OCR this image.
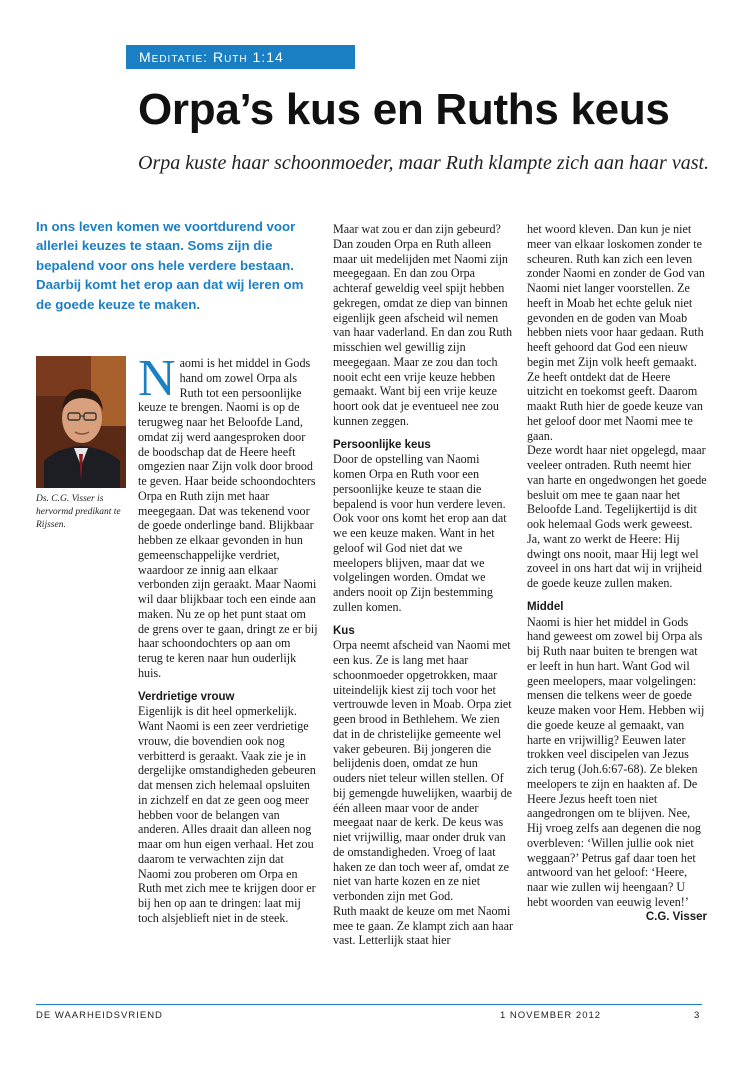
Meditatie: Ruth 1:14
Orpa’s kus en Ruths keus

Orpa kuste haar schoonmoeder, maar Ruth klampte zich aan haar vast.

In ons leven komen we voortdurend voor allerlei keuzes te staan. Soms zijn die bepalend voor ons hele verdere bestaan. Daarbij komt het erop aan dat wij leren om de goede keuze te maken.

Ds. C.G. Visser is hervormd predikant te Rijssen.

Naomi is het middel in Gods hand om zowel Orpa als Ruth tot een persoonlijke keuze te brengen. Naomi is op de terugweg naar het Beloofde Land, omdat zij werd aangesproken door de boodschap dat de Heere heeft omgezien naar Zijn volk door brood te geven. Haar beide schoondochters Orpa en Ruth zijn met haar meegegaan. Dat was tekenend voor de goede onderlinge band. Blijkbaar hebben ze elkaar gevonden in hun gemeenschappelijke verdriet, waardoor ze innig aan elkaar verbonden zijn geraakt. Maar Naomi wil daar blijkbaar toch een einde aan maken. Nu ze op het punt staat om de grens over te gaan, dringt ze er bij haar schoondochters op aan om terug te keren naar hun ouderlijk huis.

Verdrietige vrouw

Eigenlijk is dit heel opmerkelijk. Want Naomi is een zeer verdrietige vrouw, die bovendien ook nog verbitterd is geraakt. Vaak zie je in dergelijke omstandigheden gebeuren dat mensen zich helemaal opsluiten in zichzelf en dat ze geen oog meer hebben voor de belangen van anderen. Alles draait dan alleen nog maar om hun eigen verhaal. Het zou daarom te verwachten zijn dat Naomi zou proberen om Orpa en Ruth met zich mee te krijgen door er bij hen op aan te dringen: laat mij toch alsjeblieft niet in de steek.

Maar wat zou er dan zijn gebeurd? Dan zouden Orpa en Ruth alleen maar uit medelijden met Naomi zijn meegegaan. En dan zou Orpa achteraf geweldig veel spijt hebben gekregen, omdat ze diep van binnen eigenlijk geen afscheid wil nemen van haar vaderland. En dan zou Ruth misschien wel gewillig zijn meegegaan. Maar ze zou dan toch nooit echt een vrije keuze hebben gemaakt. Want bij een vrije keuze hoort ook dat je eventueel nee zou kunnen zeggen.

Persoonlijke keus

Door de opstelling van Naomi komen Orpa en Ruth voor een persoonlijke keuze te staan die bepalend is voor hun verdere leven. Ook voor ons komt het erop aan dat we een keuze maken. Want in het geloof wil God niet dat we meelopers blijven, maar dat we volgelingen worden. Omdat we anders nooit op Zijn bestemming zullen komen.

Kus

Orpa neemt afscheid van Naomi met een kus. Ze is lang met haar schoonmoeder opgetrokken, maar uiteindelijk kiest zij toch voor het vertrouwde leven in Moab. Orpa ziet geen brood in Bethlehem. We zien dat in de christelijke gemeente wel vaker gebeuren. Bij jongeren die belijdenis doen, omdat ze hun ouders niet teleur willen stellen. Of bij gemengde huwelijken, waarbij de één alleen maar voor de ander meegaat naar de kerk. De keus was niet vrijwillig, maar onder druk van de omstandigheden. Vroeg of laat haken ze dan toch weer af, omdat ze niet van harte kozen en ze niet verbonden zijn met God.

Ruth maakt de keuze om met Naomi mee te gaan. Ze klampt zich aan haar vast. Letterlijk staat hier

het woord kleven. Dan kun je niet meer van elkaar loskomen zonder te scheuren. Ruth kan zich een leven zonder Naomi en zonder de God van Naomi niet langer voorstellen. Ze heeft in Moab het echte geluk niet gevonden en de goden van Moab hebben niets voor haar gedaan. Ruth heeft gehoord dat God een nieuw begin met Zijn volk heeft gemaakt. Ze heeft ontdekt dat de Heere uitzicht en toekomst geeft. Daarom maakt Ruth hier de goede keuze van het geloof door met Naomi mee te gaan.

Deze wordt haar niet opgelegd, maar veeleer ontraden. Ruth neemt hier van harte en ongedwongen het goede besluit om mee te gaan naar het Beloofde Land. Tegelijkertijd is dit ook helemaal Gods werk geweest. Ja, want zo werkt de Heere: Hij dwingt ons nooit, maar Hij legt wel zoveel in ons hart dat wij in vrijheid de goede keuze zullen maken.

Middel

Naomi is hier het middel in Gods hand geweest om zowel bij Orpa als bij Ruth naar buiten te brengen wat er leeft in hun hart. Want God wil geen meelopers, maar volgelingen: mensen die telkens weer de goede keuze maken voor Hem. Hebben wij die goede keuze al gemaakt, van harte en vrijwillig? Eeuwen later trokken veel discipelen van Jezus zich terug (Joh.6:67-68). Ze bleken meelopers te zijn en haakten af. De Heere Jezus heeft toen niet aangedrongen om te blijven. Nee, Hij vroeg zelfs aan degenen die nog overbleven: ‘Willen jullie ook niet weggaan?’ Petrus gaf daar toen het antwoord van het geloof: ‘Heere, naar wie zullen wij heengaan? U hebt woorden van eeuwig leven!’

C.G. Visser

DE WAARHEIDSVRIEND	1 NOVEMBER 2012	3
